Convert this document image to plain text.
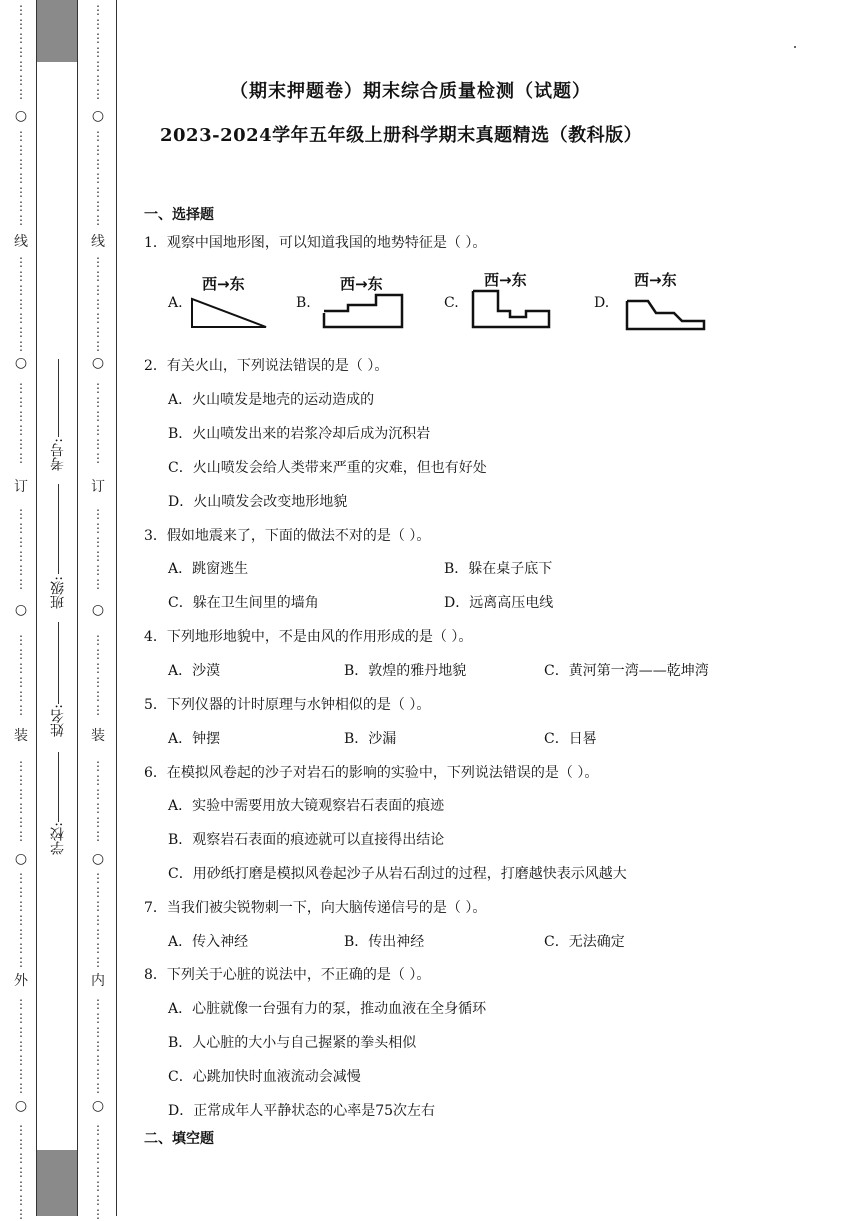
○
○
○
○
○
线
订
装
外
⋮
⋮
⋮
⋮
⋮
⋮
⋮
⋮
⋮
⋮
⋮
⋮
⋮
⋮
⋮
⋮
⋮
⋮
⋮
⋮
⋮
⋮
⋮
⋮
⋮
⋮
⋮
⋮
⋮
⋮
⋮
⋮
⋮
⋮
⋮
⋮
⋮
⋮
⋮
⋮
⋮
⋮
⋮
⋮
⋮
⋮
⋮
⋮
⋮
⋮
⋮
⋮
⋮
⋮
⋮
⋮
⋮
⋮
⋮
⋮
⋮
⋮
⋮
⋮
⋮
⋮
○
○
○
○
○
线
订
装
内
⋮
⋮
⋮
⋮
⋮
⋮
⋮
⋮
⋮
⋮
⋮
⋮
⋮
⋮
⋮
⋮
⋮
⋮
⋮
⋮
⋮
⋮
⋮
⋮
⋮
⋮
⋮
⋮
⋮
⋮
⋮
⋮
⋮
⋮
⋮
⋮
⋮
⋮
⋮
⋮
⋮
⋮
⋮
⋮
⋮
⋮
⋮
⋮
⋮
⋮
⋮
⋮
⋮
⋮
⋮
⋮
⋮
⋮
⋮
⋮
⋮
⋮
⋮
⋮
⋮
⋮
考号:
班级:
姓名:
学校:
（期末押题卷）期末综合质量检测（试题）
2023-2024学年五年级上册科学期末真题精选（教科版）
一、选择题
1．观察中国地形图，可以知道我国的地势特征是（ ）。
A.
西→东
B.
西→东
C.
西→东
D.
西→东
2．有关火山，下列说法错误的是（ ）。
A．火山喷发是地壳的运动造成的
B．火山喷发出来的岩浆冷却后成为沉积岩
C．火山喷发会给人类带来严重的灾难，但也有好处
D．火山喷发会改变地形地貌
3．假如地震来了，下面的做法不对的是（ ）。
A．跳窗逃生	B．躲在桌子底下
C．躲在卫生间里的墙角	D．远离高压电线
4．下列地形地貌中，不是由风的作用形成的是（ ）。
A．沙漠	B．敦煌的雅丹地貌	C．黄河第一湾——乾坤湾
5．下列仪器的计时原理与水钟相似的是（ ）。
A．钟摆	B．沙漏	C．日晷
6．在模拟风卷起的沙子对岩石的影响的实验中，下列说法错误的是（ ）。
A．实验中需要用放大镜观察岩石表面的痕迹
B．观察岩石表面的痕迹就可以直接得出结论
C．用砂纸打磨是模拟风卷起沙子从岩石刮过的过程，打磨越快表示风越大
7．当我们被尖锐物刺一下，向大脑传递信号的是（ ）。
A．传入神经	B．传出神经	C．无法确定
8．下列关于心脏的说法中，不正确的是（ ）。
A．心脏就像一台强有力的泵，推动血液在全身循环
B．人心脏的大小与自己握紧的拳头相似
C．心跳加快时血液流动会减慢
D．正常成年人平静状态的心率是75次左右
二、填空题
